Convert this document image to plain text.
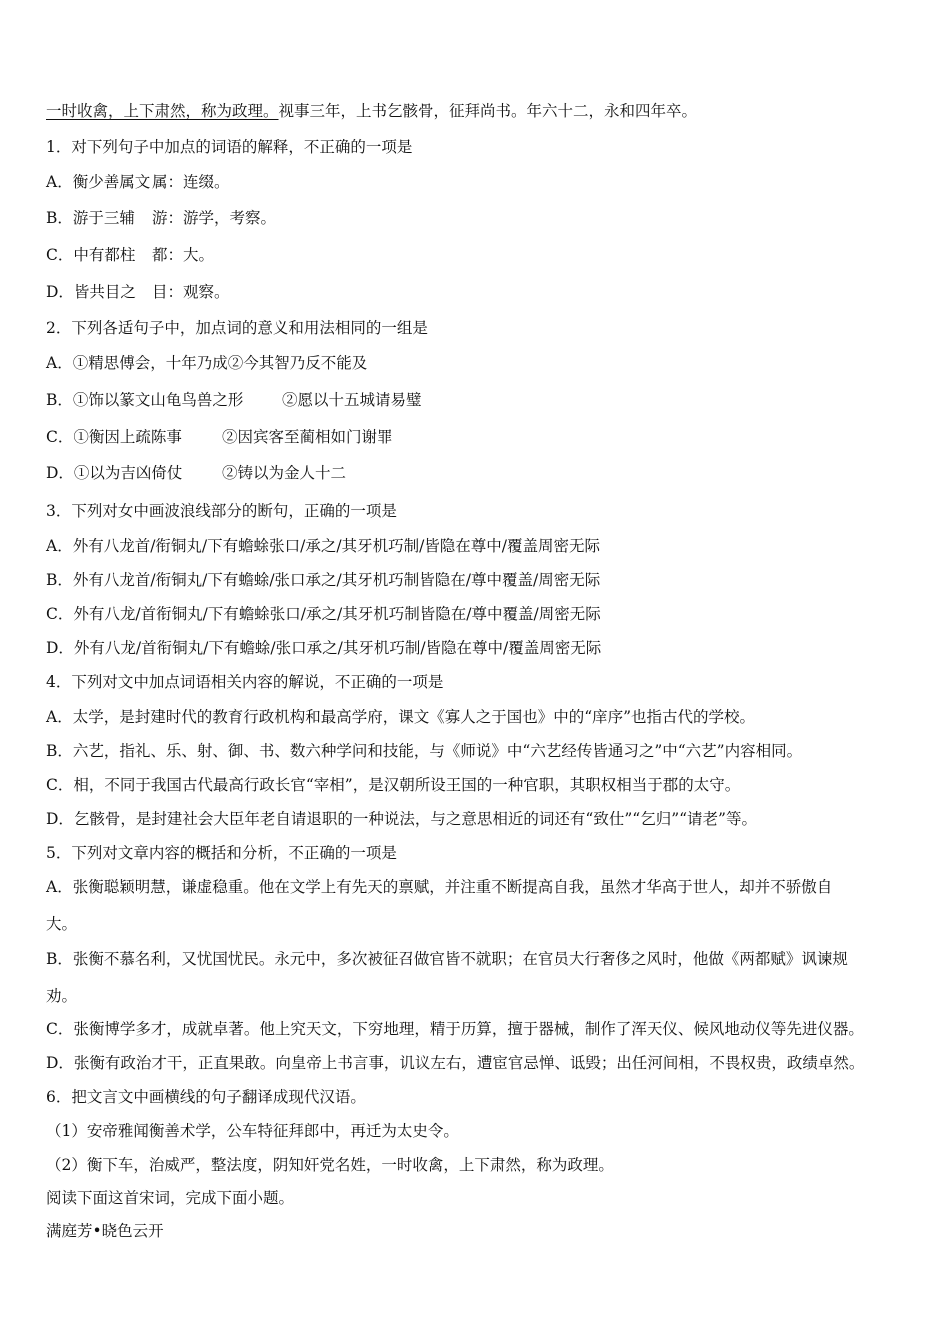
一时收禽，上下肃然，称为政理。视事三年，上书乞骸骨，征拜尚书。年六十二，永和四年卒。
1．对下列句子中加点的词语的解释，不正确的一项是
A．衡少善属文 属：连缀。
B．游于三辅 游：游学，考察。
C．中有都柱 都：大。
D．皆共目之 目：观察。
2．下列各适句子中，加点词的意义和用法相同的一组是
A．①精思傅会，十年乃成②今其智乃反不能及
B．①饰以篆文山龟鸟兽之形 ②愿以十五城请易璧
C．①衡因上疏陈事	②因宾客至蔺相如门谢罪
D．①以为吉凶倚仗	②铸以为金人十二
3．下列对女中画波浪线部分的断句，正确的一项是
A．外有八龙首/衔铜丸/下有蟾蜍张口/承之/其牙机巧制/皆隐在尊中/覆盖周密无际
B．外有八龙首/衔铜丸/下有蟾蜍/张口承之/其牙机巧制皆隐在/尊中覆盖/周密无际
C．外有八龙/首衔铜丸/下有蟾蜍张口/承之/其牙机巧制皆隐在/尊中覆盖/周密无际
D．外有八龙/首衔铜丸/下有蟾蜍/张口承之/其牙机巧制/皆隐在尊中/覆盖周密无际
4．下列对文中加点词语相关内容的解说，不正确的一项是
A．太学，是封建时代的教育行政机构和最高学府，课文《寡人之于国也》中的“庠序”也指古代的学校。
B．六艺，指礼、乐、射、御、书、数六种学问和技能，与《师说》中“六艺经传皆通习之”中“六艺”内容相同。
C．相，不同于我国古代最高行政长官“宰相”，是汉朝所设王国的一种官职，其职权相当于郡的太守。
D．乞骸骨，是封建社会大臣年老自请退职的一种说法，与之意思相近的词还有“致仕”“乞归”“请老”等。
5．下列对文章内容的概括和分析，不正确的一项是
A．张衡聪颖明慧，谦虚稳重。他在文学上有先天的禀赋，并注重不断提高自我，虽然才华高于世人，却并不骄傲自
大。
B．张衡不慕名利，又忧国忧民。永元中，多次被征召做官皆不就职；在官员大行奢侈之风时，他做《两都赋》讽谏规
劝。
C．张衡博学多才，成就卓著。他上究天文，下穷地理，精于历算，擅于器械，制作了浑天仪、候风地动仪等先进仪器。
D．张衡有政治才干，正直果敢。向皇帝上书言事，讥议左右，遭宦官忌惮、诋毁；出任河间相，不畏权贵，政绩卓然。
6．把文言文中画横线的句子翻译成现代汉语。
（1）安帝雅闻衡善术学，公车特征拜郎中，再迁为太史令。
（2）衡下车，治威严，整法度，阴知奸党名姓，一时收禽，上下肃然，称为政理。
阅读下面这首宋词，完成下面小题。
满庭芳•晓色云开
